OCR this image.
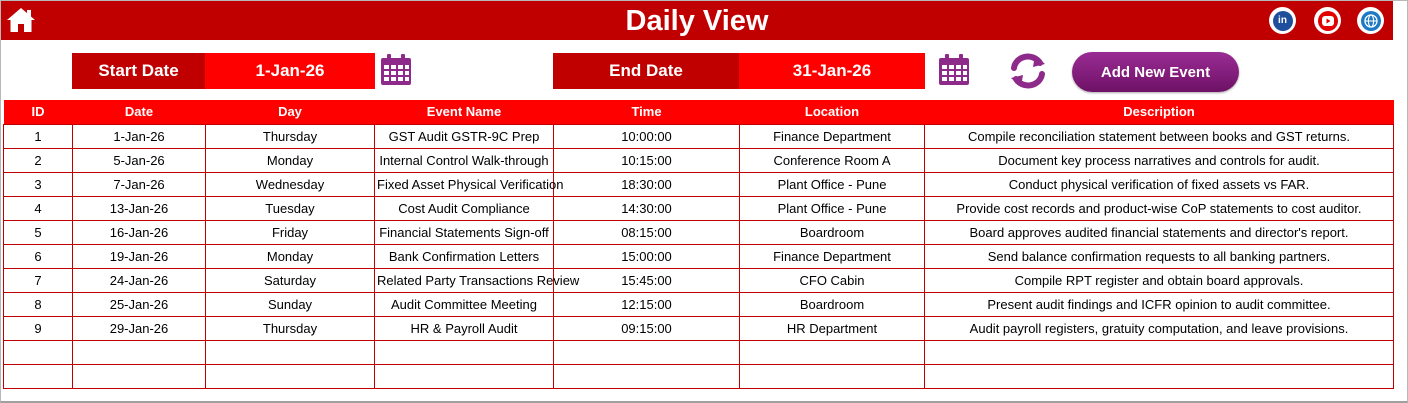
Daily View	in
Start Date	1-Jan-26	End Date	31-Jan-26	Add New Event
ID	Date	Day	Event Name	Time	Location	Description
1	1-Jan-26	Thursday	GST Audit GSTR-9C Prep	10:00:00	Finance Department	Compile reconciliation statement between books and GST returns.
2	5-Jan-26	Monday	Internal Control Walk-through	10:15:00	Conference Room A	Document key process narratives and controls for audit.
3	7-Jan-26	Wednesday	Fixed Asset Physical Verification	18:30:00	Plant Office - Pune	Conduct physical verification of fixed assets vs FAR.
4	13-Jan-26	Tuesday	Cost Audit Compliance	14:30:00	Plant Office - Pune	Provide cost records and product-wise CoP statements to cost auditor.
5	16-Jan-26	Friday	Financial Statements Sign-off	08:15:00	Boardroom	Board approves audited financial statements and director's report.
6	19-Jan-26	Monday	Bank Confirmation Letters	15:00:00	Finance Department	Send balance confirmation requests to all banking partners.
7	24-Jan-26	Saturday	Related Party Transactions Review	15:45:00	CFO Cabin	Compile RPT register and obtain board approvals.
8	25-Jan-26	Sunday	Audit Committee Meeting	12:15:00	Boardroom	Present audit findings and ICFR opinion to audit committee.
9	29-Jan-26	Thursday	HR & Payroll Audit	09:15:00	HR Department	Audit payroll registers, gratuity computation, and leave provisions.
